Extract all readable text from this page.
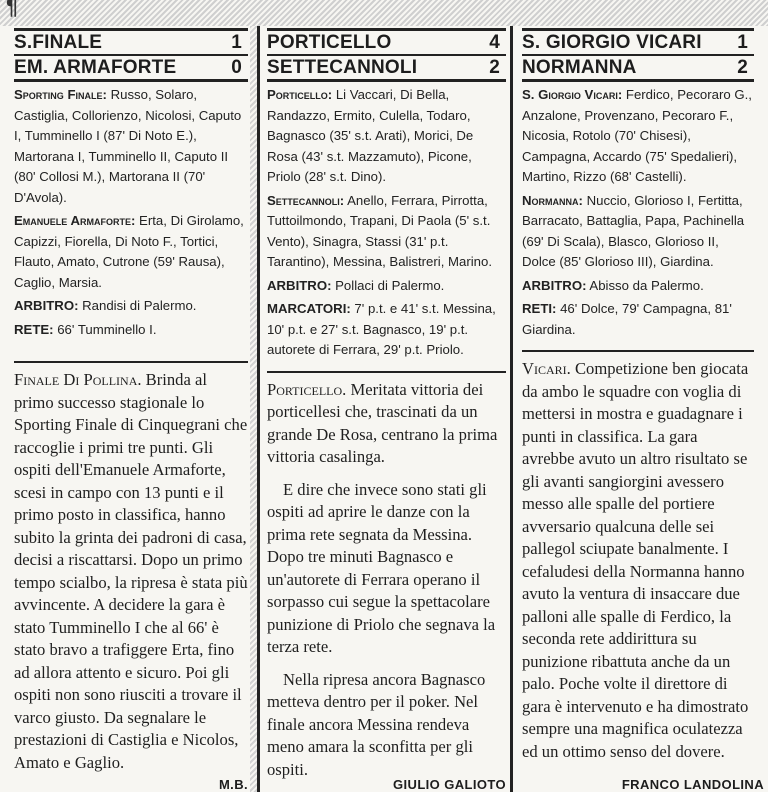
¶
S.FINALE	1
EM. ARMAFORTE	0

Sporting Finale: Russo, Solaro, Castiglia, Collorienzo, Nicolosi, Caputo I, Tumminello I (87' Di Noto E.), Martorana I, Tumminello II, Caputo II (80' Collosi M.), Martorana II (70' D'Avola).

Emanuele Armaforte: Erta, Di Girolamo, Capizzi, Fiorella, Di Noto F., Tortici, Flauto, Amato, Cutrone (59' Rausa), Caglio, Marsia.

ARBITRO: Randisi di Palermo.

RETE: 66' Tumminello I.

Finale Di Pollina. Brinda al primo successo stagionale lo Sporting Finale di Cinquegrani che raccoglie i primi tre punti. Gli ospiti dell'Emanuele Armaforte, scesi in campo con 13 punti e il primo posto in classifica, hanno subito la grinta dei padroni di casa, decisi a riscattarsi. Dopo un primo tempo scialbo, la ripresa è stata più avvincente. A decidere la gara è stato Tumminello I che al 66' è stato bravo a trafiggere Erta, fino ad allora attento e sicuro. Poi gli ospiti non sono riusciti a trovare il varco giusto. Da segnalare le prestazioni di Castiglia e Nicolos, Amato e Gaglio.

M.B.
PORTICELLO	4
SETTECANNOLI	2

Porticello: Li Vaccari, Di Bella, Randazzo, Ermito, Culella, Todaro, Bagnasco (35' s.t. Arati), Morici, De Rosa (43' s.t. Mazzamuto), Picone, Priolo (28' s.t. Dino).

Settecannoli: Anello, Ferrara, Pirrotta, Tuttoilmondo, Trapani, Di Paola (5' s.t. Vento), Sinagra, Stassi (31' p.t. Tarantino), Messina, Balistreri, Marino.

ARBITRO: Pollaci di Palermo.

MARCATORI: 7' p.t. e 41' s.t. Messina, 10' p.t. e 27' s.t. Bagnasco, 19' p.t. autorete di Ferrara, 29' p.t. Priolo.

Porticello. Meritata vittoria dei porticellesi che, trascinati da un grande De Rosa, centrano la prima vittoria casalinga.

E dire che invece sono stati gli ospiti ad aprire le danze con la prima rete segnata da Messina. Dopo tre minuti Bagnasco e un'autorete di Ferrara operano il sorpasso cui segue la spettacolare punizione di Priolo che segnava la terza rete.

Nella ripresa ancora Bagnasco metteva dentro per il poker. Nel finale ancora Messina rendeva meno amara la sconfitta per gli ospiti.

GIULIO GALIOTO
S. GIORGIO VICARI 1
NORMANNA	2

S. Giorgio Vicari: Ferdico, Pecoraro G., Anzalone, Provenzano, Pecoraro F., Nicosia, Rotolo (70' Chisesi), Campagna, Accardo (75' Spedalieri), Martino, Rizzo (68' Castelli).

Normanna: Nuccio, Glorioso I, Fertitta, Barracato, Battaglia, Papa, Pachinella (69' Di Scala), Blasco, Glorioso II, Dolce (85' Glorioso III), Giardina.

ARBITRO: Abisso da Palermo.

RETI: 46' Dolce, 79' Campagna, 81' Giardina.

Vicari. Competizione ben giocata da ambo le squadre con voglia di mettersi in mostra e guadagnare i punti in classifica. La gara avrebbe avuto un altro risultato se gli avanti sangiorgini avessero messo alle spalle del portiere avversario qualcuna delle sei pallegol sciupate banalmente. I cefaludesi della Normanna hanno avuto la ventura di insaccare due palloni alle spalle di Ferdico, la seconda rete addirittura su punizione ribattuta anche da un palo. Poche volte il direttore di gara è intervenuto e ha dimostrato sempre una magnifica oculatezza ed un ottimo senso del dovere.

FRANCO LANDOLINA
